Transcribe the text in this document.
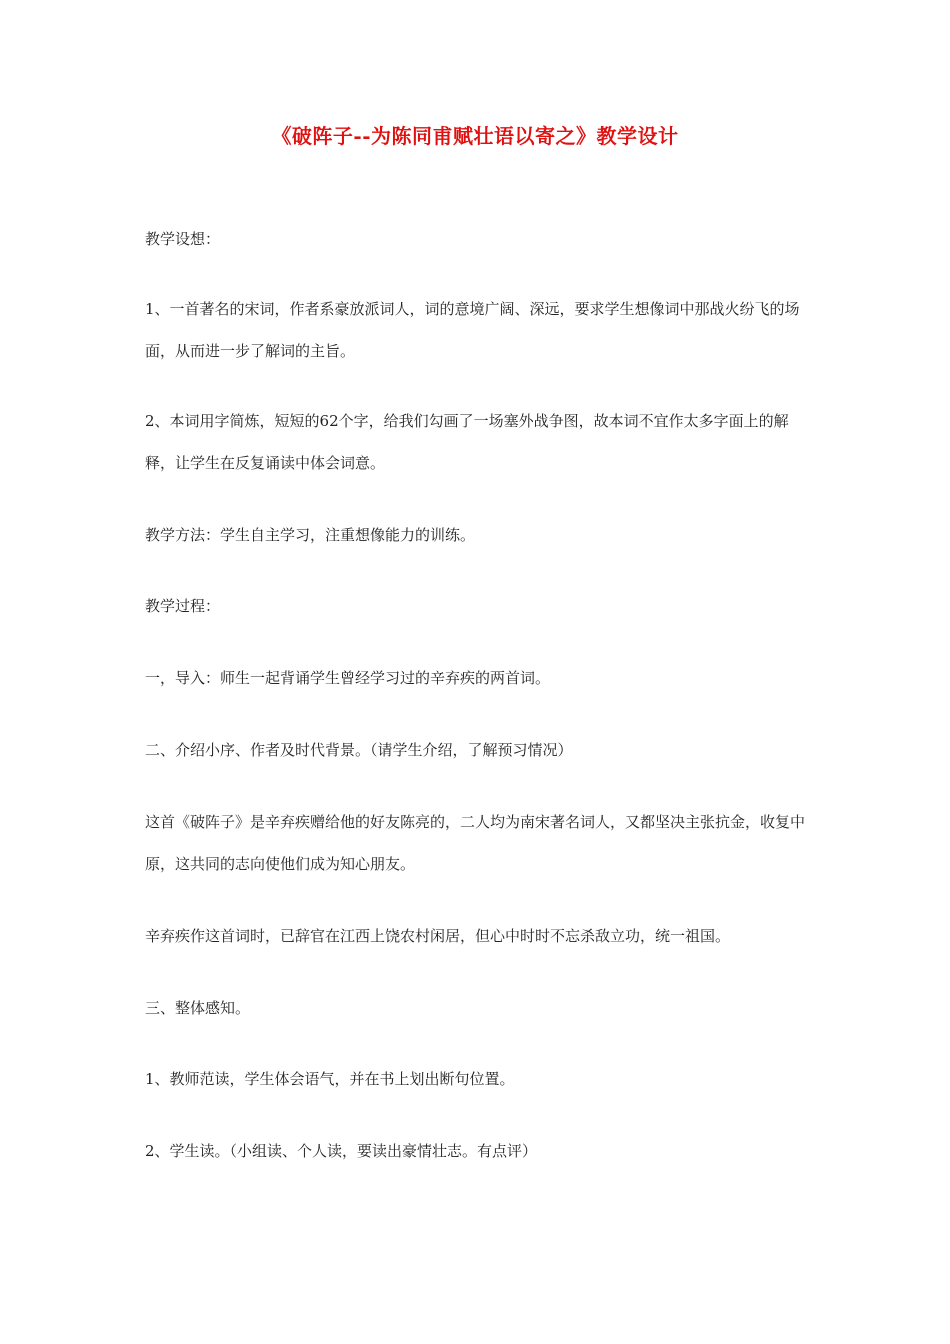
《破阵子--为陈同甫赋壮语以寄之》教学设计
教学设想：
1、一首著名的宋词，作者系豪放派词人，词的意境广阔、深远，要求学生想像词中那战火纷飞的场面，从而进一步了解词的主旨。
2、本词用字简炼，短短的62个字，给我们勾画了一场塞外战争图，故本词不宜作太多字面上的解释，让学生在反复诵读中体会词意。
教学方法：学生自主学习，注重想像能力的训练。
教学过程：
一，导入：师生一起背诵学生曾经学习过的辛弃疾的两首词。
二、介绍小序、作者及时代背景。（请学生介绍，了解预习情况）
这首《破阵子》是辛弃疾赠给他的好友陈亮的，二人均为南宋著名词人，又都坚决主张抗金，收复中原，这共同的志向使他们成为知心朋友。
辛弃疾作这首词时，已辞官在江西上饶农村闲居，但心中时时不忘杀敌立功，统一祖国。
三、整体感知。
1、教师范读，学生体会语气，并在书上划出断句位置。
2、学生读。（小组读、个人读，要读出豪情壮志。有点评）
